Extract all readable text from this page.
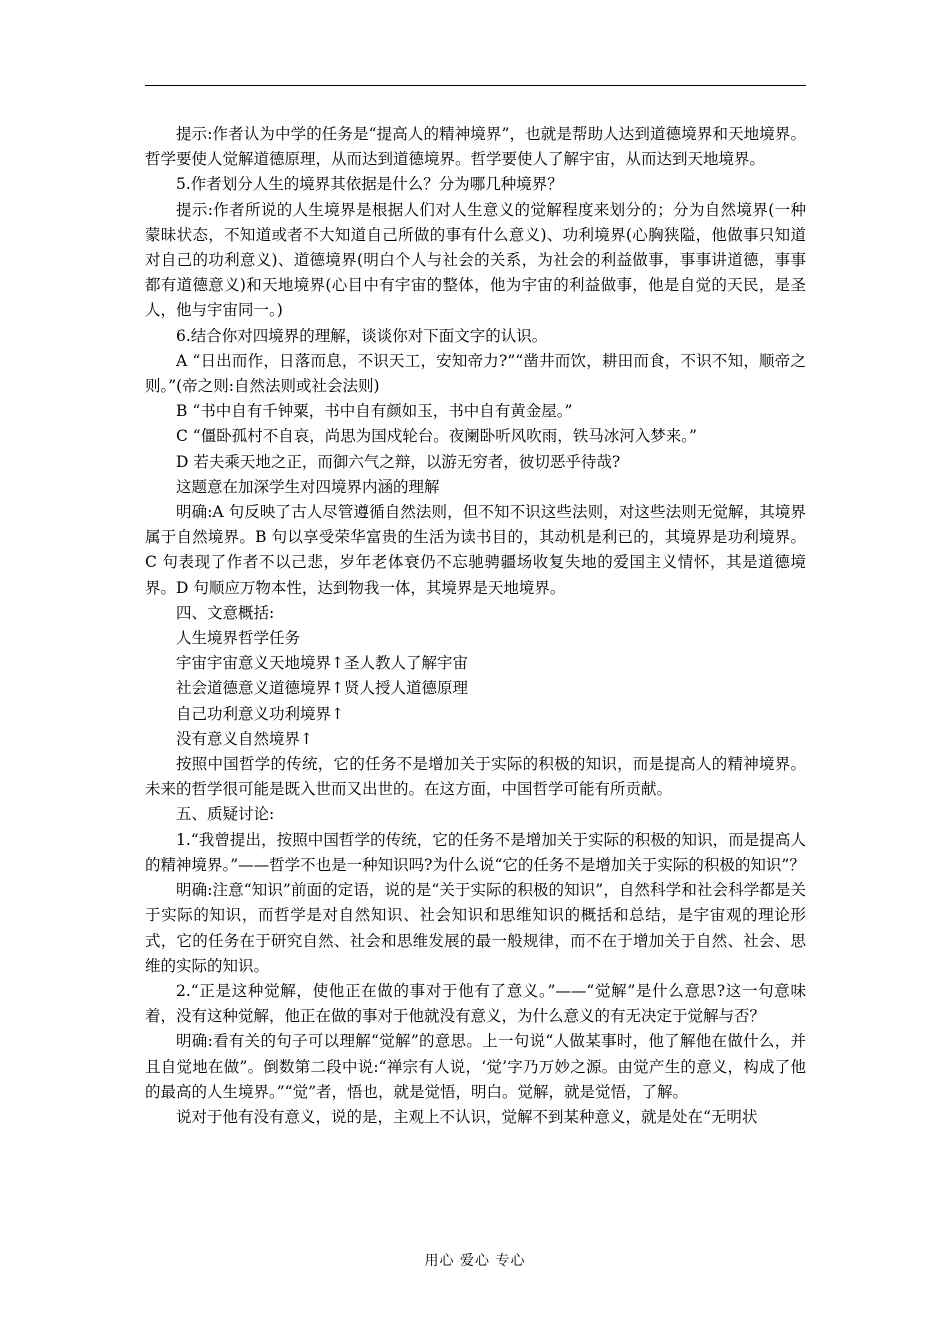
提示:作者认为中学的任务是“提高人的精神境界”，也就是帮助人达到道德境界和天地境界。哲学要使人觉解道德原理，从而达到道德境界。哲学要使人了解宇宙，从而达到天地境界。

5.作者划分人生的境界其依据是什么？分为哪几种境界？

提示:作者所说的人生境界是根据人们对人生意义的觉解程度来划分的；分为自然境界(一种蒙昧状态，不知道或者不大知道自己所做的事有什么意义)、功利境界(心胸狭隘，他做事只知道对自己的功利意义)、道德境界(明白个人与社会的关系，为社会的利益做事，事事讲道德，事事都有道德意义)和天地境界(心目中有宇宙的整体，他为宇宙的利益做事，他是自觉的天民，是圣人，他与宇宙同一。)

6.结合你对四境界的理解，谈谈你对下面文字的认识。

A “日出而作，日落而息，不识天工，安知帝力?”“凿井而饮，耕田而食，不识不知，顺帝之则。”(帝之则:自然法则或社会法则)

B “书中自有千钟粟，书中自有颜如玉，书中自有黄金屋。”

C “僵卧孤村不自哀，尚思为国戍轮台。夜阑卧听风吹雨，铁马冰河入梦来。”

D 若夫乘天地之正，而御六气之辩，以游无穷者，彼切恶乎待哉?

这题意在加深学生对四境界内涵的理解

明确:A 句反映了古人尽管遵循自然法则，但不知不识这些法则，对这些法则无觉解，其境界属于自然境界。B 句以享受荣华富贵的生活为读书目的，其动机是利已的，其境界是功利境界。C 句表现了作者不以己悲，岁年老体衰仍不忘驰骋疆场收复失地的爱国主义情怀，其是道德境界。D 句顺应万物本性，达到物我一体，其境界是天地境界。

四、文意概括:

人生境界哲学任务

宇宙宇宙意义天地境界↑圣人教人了解宇宙

社会道德意义道德境界↑贤人授人道德原理

自己功利意义功利境界↑

没有意义自然境界↑

按照中国哲学的传统，它的任务不是增加关于实际的积极的知识，而是提高人的精神境界。未来的哲学很可能是既入世而又出世的。在这方面，中国哲学可能有所贡献。

五、质疑讨论:

1.“我曾提出，按照中国哲学的传统，它的任务不是增加关于实际的积极的知识，而是提高人的精神境界。”——哲学不也是一种知识吗?为什么说“它的任务不是增加关于实际的积极的知识”？

明确:注意“知识”前面的定语，说的是“关于实际的积极的知识”，自然科学和社会科学都是关于实际的知识，而哲学是对自然知识、社会知识和思维知识的概括和总结，是宇宙观的理论形式，它的任务在于研究自然、社会和思维发展的最一般规律，而不在于增加关于自然、社会、思维的实际的知识。

2.“正是这种觉解，使他正在做的事对于他有了意义。”——“觉解”是什么意思?这一句意味着，没有这种觉解，他正在做的事对于他就没有意义，为什么意义的有无决定于觉解与否？

明确:看有关的句子可以理解“觉解”的意思。上一句说“人做某事时，他了解他在做什么，并且自觉地在做”。倒数第二段中说:“禅宗有人说，‘觉’字乃万妙之源。由觉产生的意义，构成了他的最高的人生境界。”“觉”者，悟也，就是觉悟，明白。觉解，就是觉悟，了解。

说对于他有没有意义，说的是，主观上不认识，觉解不到某种意义，就是处在“无明状

用心 爱心 专心
